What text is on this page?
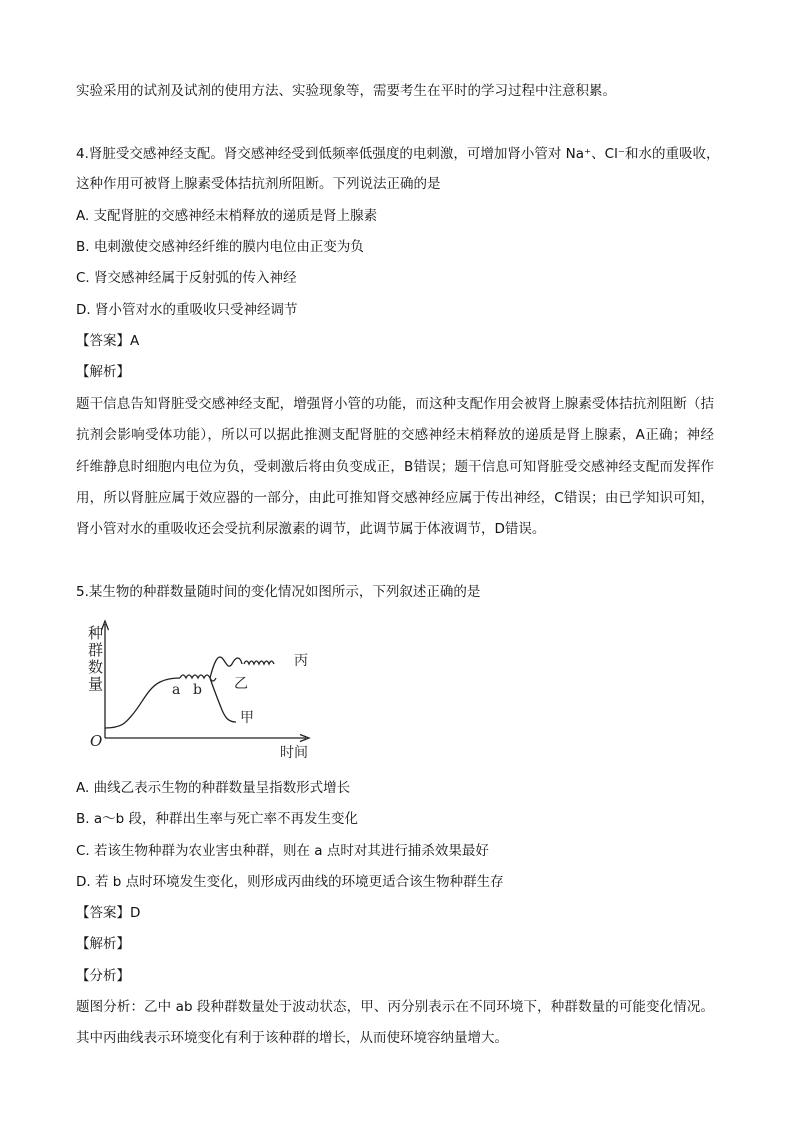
实验采用的试剂及试剂的使用方法、实验现象等，需要考生在平时的学习过程中注意积累。
4.肾脏受交感神经支配。肾交感神经受到低频率低强度的电刺激，可增加肾小管对 Na⁺、Cl⁻和水的重吸收，
这种作用可被肾上腺素受体拮抗剂所阻断。下列说法正确的是
A. 支配肾脏的交感神经末梢释放的递质是肾上腺素
B. 电刺激使交感神经纤维的膜内电位由正变为负
C. 肾交感神经属于反射弧的传入神经
D. 肾小管对水的重吸收只受神经调节
【答案】A
【解析】
题干信息告知肾脏受交感神经支配，增强肾小管的功能，而这种支配作用会被肾上腺素受体拮抗剂阻断（拮
抗剂会影响受体功能），所以可以据此推测支配肾脏的交感神经末梢释放的递质是肾上腺素，A正确；神经
纤维静息时细胞内电位为负，受刺激后将由负变成正，B错误；题干信息可知肾脏受交感神经支配而发挥作
用，所以肾脏应属于效应器的一部分，由此可推知肾交感神经应属于传出神经，C错误；由已学知识可知，
肾小管对水的重吸收还会受抗利尿激素的调节，此调节属于体液调节，D错误。
5.某生物的种群数量随时间的变化情况如图所示，下列叙述正确的是
种
群
数
量
O
时间
a b 乙
甲
丙
A. 曲线乙表示生物的种群数量呈指数形式增长
B. a～b 段，种群出生率与死亡率不再发生变化
C. 若该生物种群为农业害虫种群，则在 a 点时对其进行捕杀效果最好
D. 若 b 点时环境发生变化，则形成丙曲线的环境更适合该生物种群生存
【答案】D
【解析】
【分析】
题图分析：乙中 ab 段种群数量处于波动状态，甲、丙分别表示在不同环境下，种群数量的可能变化情况。
其中丙曲线表示环境变化有利于该种群的增长，从而使环境容纳量增大。
